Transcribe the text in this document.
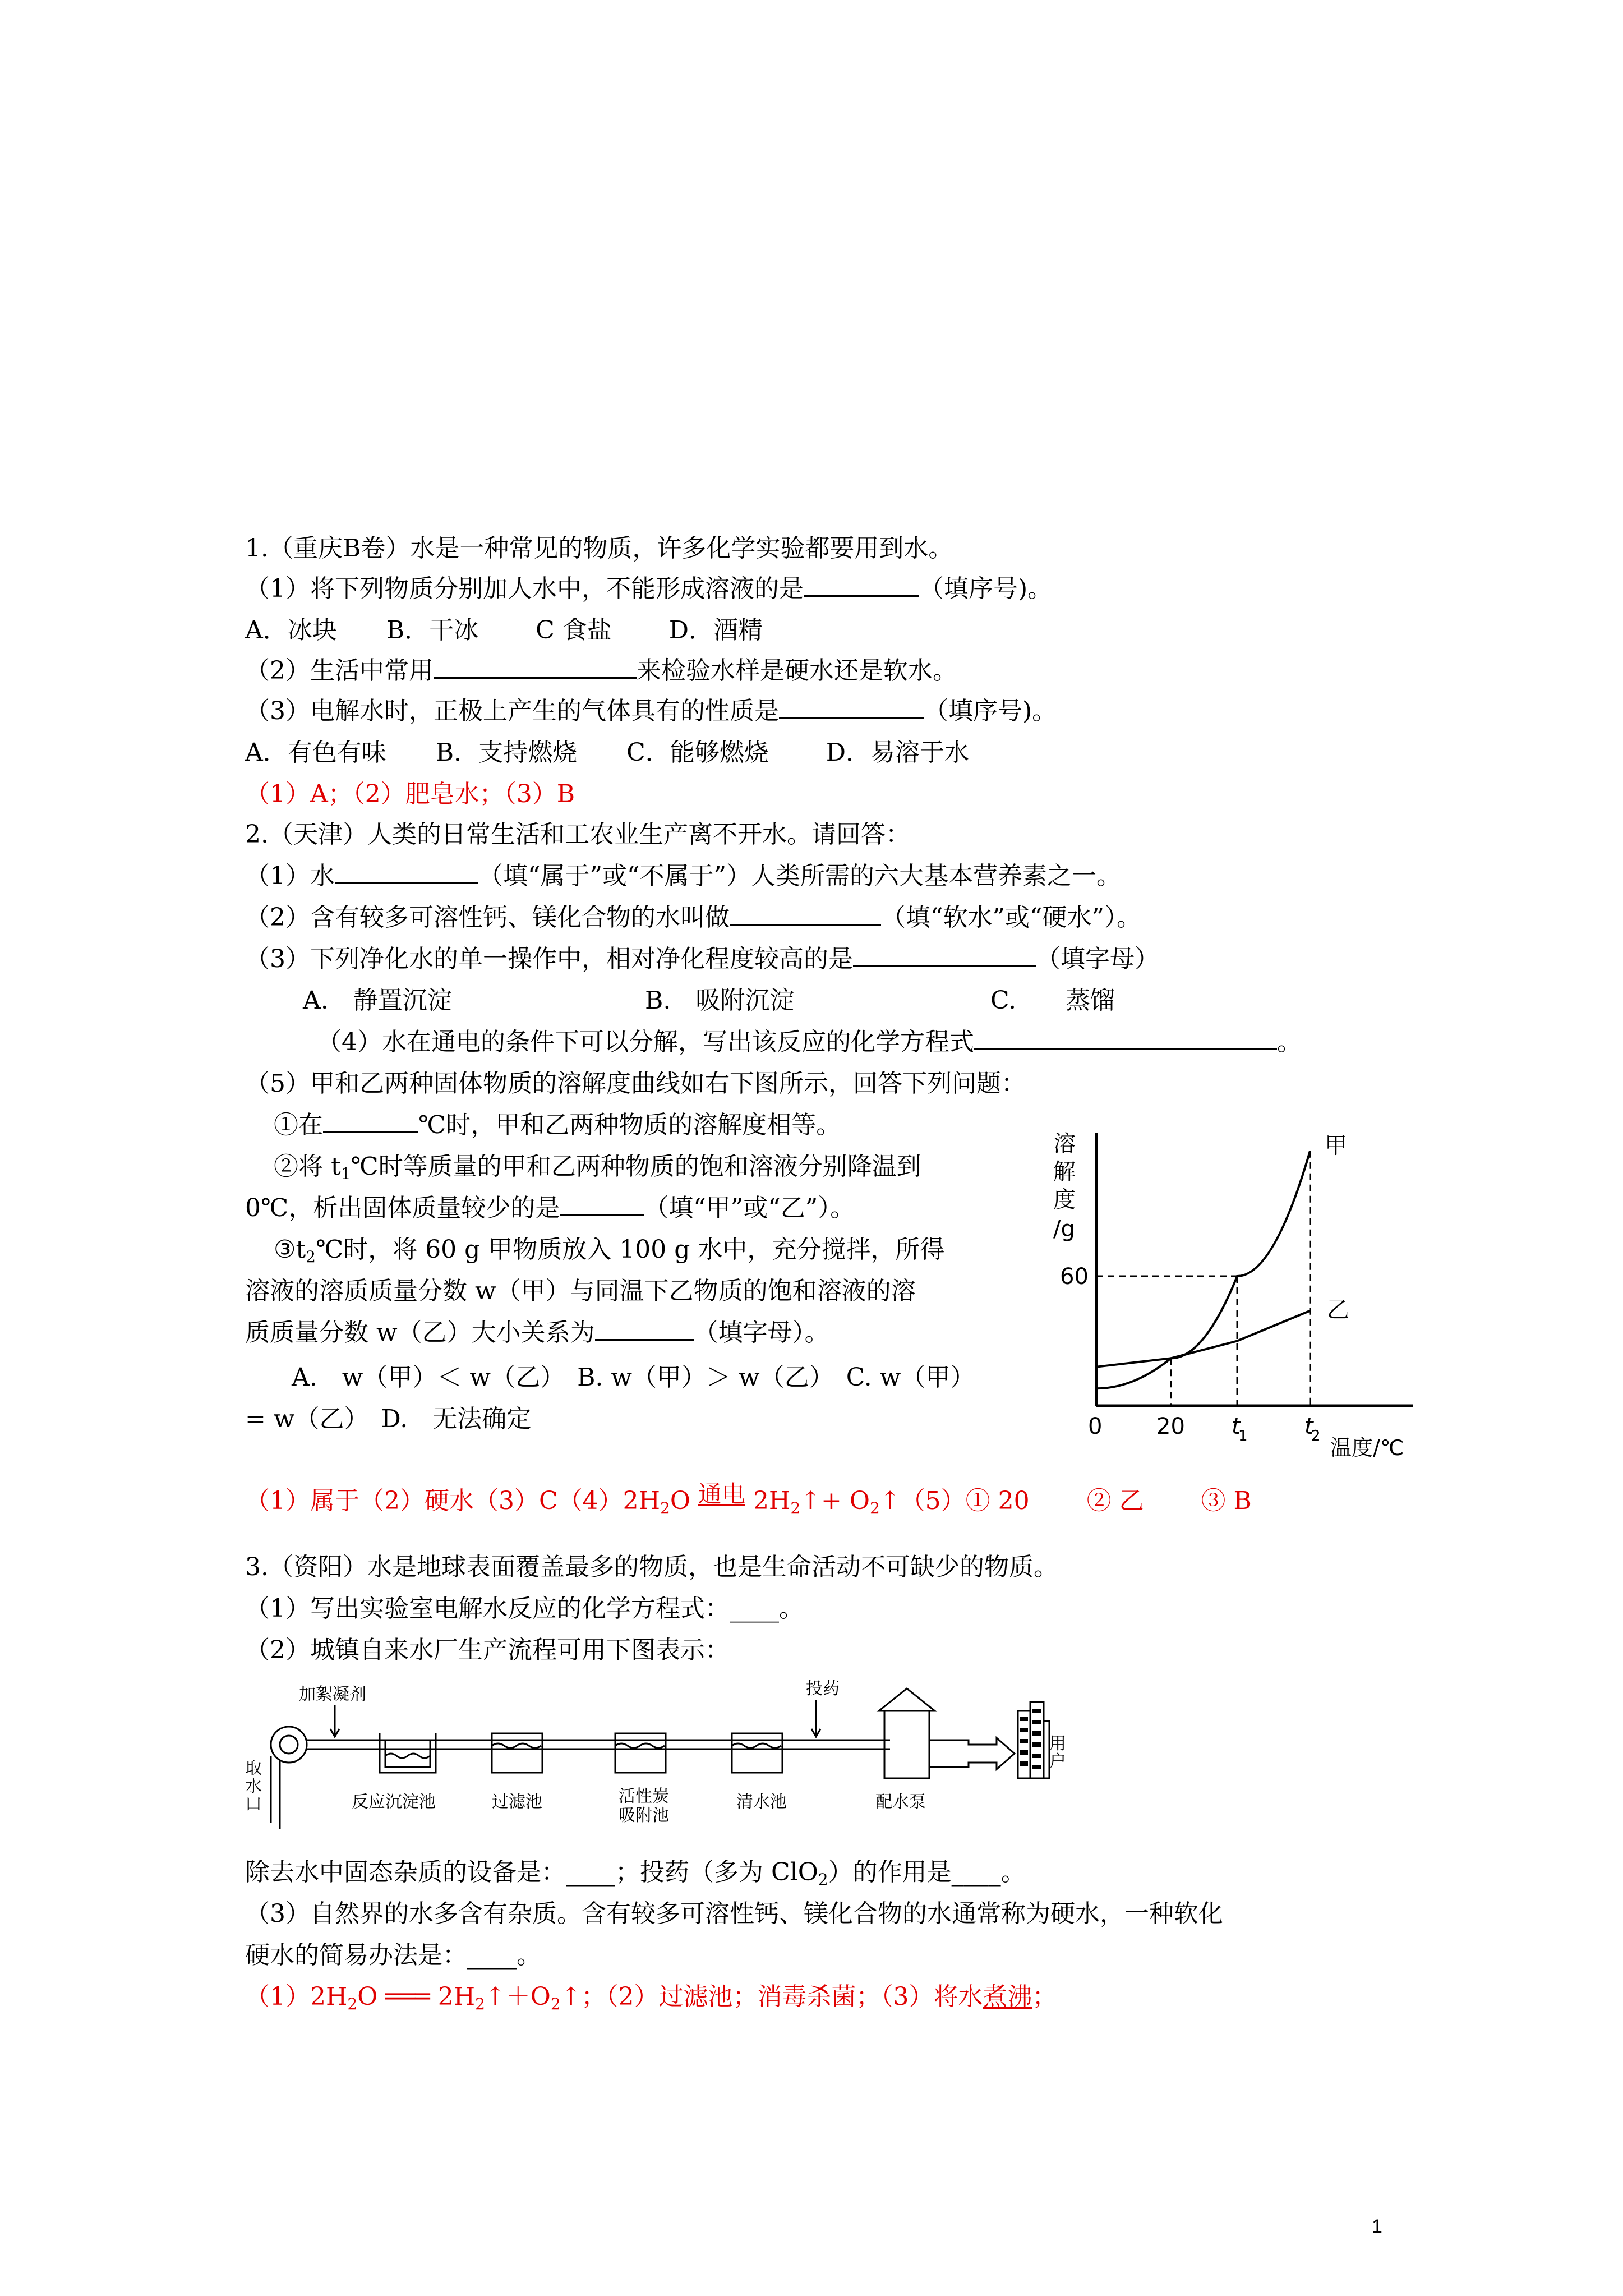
1.（重庆B卷）水是一种常见的物质，许多化学实验都要用到水。
（1）将下列物质分别加人水中，不能形成溶液的是	（填序号)。
A．冰块　　B．干冰　　 C 食盐　　 D．酒精
（2）生活中常用	来检验水样是硬水还是软水。
（3）电解水时，正极上产生的气体具有的性质是	（填序号)。
A．有色有味　　B．支持燃烧　　C．能够燃烧　　 D．易溶于水
（1）A；（2）肥皂水；（3）B
2.（天津）人类的日常生活和工农业生产离不开水。请回答：
（1）水	（填“属于”或“不属于”）人类所需的六大基本营养素之一。
（2）含有较多可溶性钙、镁化合物的水叫做	（填“软水”或“硬水”）。
（3）下列净化水的单一操作中，相对净化程度较高的是	（填字母）
A.　静置沉淀	B.　吸附沉淀	C.　　蒸馏
（4）水在通电的条件下可以分解，写出该反应的化学方程式	。
（5）甲和乙两种固体物质的溶解度曲线如右下图所示，回答下列问题：
①在	℃时，甲和乙两种物质的溶解度相等。
②将 $t_1℃$时等质量的甲和乙两种物质的饱和溶液分别降温到
0℃，析出固体质量较少的是	（填“甲”或“乙”）。
$③t_2℃$时，将 60 g 甲物质放入 100 g 水中，充分搅拌，所得
溶液的溶质质量分数 w（甲）与同温下乙物质的饱和溶液的溶
质质量分数 w（乙）大小关系为	（填字母）。
A.　w（甲）＜ w（乙）　B. w（甲）＞ w（乙）　C. w（甲）
= w（乙）　D.　无法确定
溶
解
度
/g
甲
乙
60
0 20 t
1	t
2 温度/℃
（1）属于（2）硬水$(3)C(4)2H_2O$ 通电 $2H_2↑+$ $O_2↑(5)①$ 20　　 ② 乙　　 ③ B
3.（资阳）水是地球表面覆盖最多的物质，也是生命活动不可缺少的物质。
（1）写出实验室电解水反应的化学方程式：____。
（2）城镇自来水厂生产流程可用下图表示：
加絮凝剂	投药
取
水
口	反应沉淀池	过滤池	活性炭
吸附池
清水池	配水泵
用
户
除去水中固态杂质的设备是：____；投药（多为 ClO$_2$）的作用是____。
（3）自然界的水多含有杂质。含有较多可溶性钙、镁化合物的水通常称为硬水，一种软化
硬水的简易办法是：____。
$(1)2H_2O$ ═══ $2H_2↑+O_2↑$；（2）过滤池；消毒杀菌；（3）将水煮沸；
1
